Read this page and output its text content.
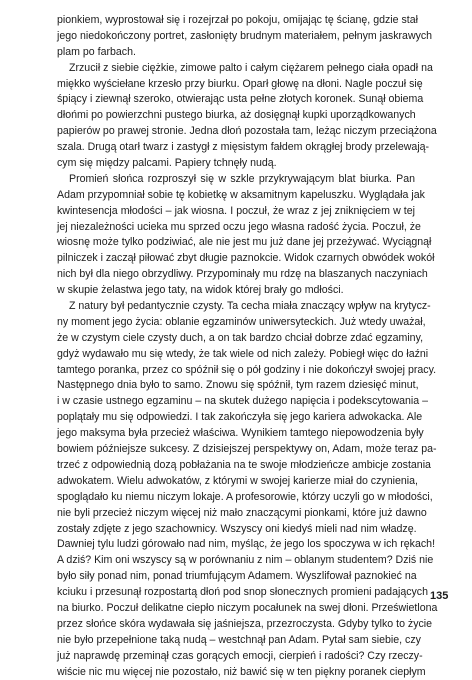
pionkiem, wyprostował się i rozejrzał po pokoju, omijając tę ścianę, gdzie stał
jego niedokończony portret, zasłonięty brudnym materiałem, pełnym jaskrawych
plam po farbach.
Zrzucił z siebie ciężkie, zimowe palto i całym ciężarem pełnego ciała opadł na
miękko wyściełane krzesło przy biurku. Oparł głowę na dłoni. Nagle poczuł się
śpiący i ziewnął szeroko, otwierając usta pełne złotych koronek. Sunął obiema
dłońmi po powierzchni pustego biurka, aż dosięgnął kupki uporządkowanych
papierów po prawej stronie. Jedna dłoń pozostała tam, leżąc niczym przeciążona
szala. Drugą otarł twarz i zastygł z mięsistym fałdem okrągłej brody przelewają-
cym się między palcami. Papiery tchnęły nudą.
Promień słońca rozproszył się w szkle przykrywającym blat biurka. Pan
Adam przypomniał sobie tę kobietkę w aksamitnym kapeluszku. Wyglądała jak
kwintesencja młodości – jak wiosna. I poczuł, że wraz z jej zniknięciem w tej
jej niezależności ucieka mu sprzed oczu jego własna radość życia. Poczuł, że
wiosnę może tylko podziwiać, ale nie jest mu już dane jej przeżywać. Wyciągnął
pilniczek i zaczął piłować zbyt długie paznokcie. Widok czarnych obwódek wokół
nich był dla niego obrzydliwy. Przypominały mu rdzę na blaszanych naczyniach
w skupie żelastwa jego taty, na widok której brały go mdłości.
Z natury był pedantycznie czysty. Ta cecha miała znaczący wpływ na krytycz-
ny moment jego życia: oblanie egzaminów uniwersyteckich. Już wtedy uważał,
że w czystym ciele czysty duch, a on tak bardzo chciał dobrze zdać egzaminy,
gdyż wydawało mu się wtedy, że tak wiele od nich zależy. Pobiegł więc do łaźni
tamtego poranka, przez co spóźnił się o pół godziny i nie dokończył swojej pracy.
Następnego dnia było to samo. Znowu się spóźnił, tym razem dziesięć minut,
i w czasie ustnego egzaminu – na skutek dużego napięcia i podekscytowania –
poplątały mu się odpowiedzi. I tak zakończyła się jego kariera adwokacka. Ale
jego maksyma była przecież właściwa. Wynikiem tamtego niepowodzenia były
bowiem późniejsze sukcesy. Z dzisiejszej perspektywy on, Adam, może teraz pa-
trzeć z odpowiednią dozą pobłażania na te swoje młodzieńcze ambicje zostania
adwokatem. Wielu adwokatów, z którymi w swojej karierze miał do czynienia,
spoglądało ku niemu niczym lokaje. A profesorowie, którzy uczyli go w młodości,
nie byli przecież niczym więcej niż mało znaczącymi pionkami, które już dawno
zostały zdjęte z jego szachownicy. Wszyscy oni kiedyś mieli nad nim władzę.
Dawniej tylu ludzi górowało nad nim, myśląc, że jego los spoczywa w ich rękach!
A dziś? Kim oni wszyscy są w porównaniu z nim – oblanym studentem? Dziś nie
było siły ponad nim, ponad triumfującym Adamem. Wyszlifował paznokieć na
kciuku i przesunął rozpostartą dłoń pod snop słonecznych promieni padających
na biurko. Poczuł delikatne ciepło niczym pocałunek na swej dłoni. Prześwietlona
przez słońce skóra wydawała się jaśniejsza, przezroczysta. Gdyby tylko to życie
nie było przepełnione taką nudą – westchnął pan Adam. Pytał sam siebie, czy
już naprawdę przeminął czas gorących emocji, cierpień i radości? Czy rzeczy-
wiście nic mu więcej nie pozostało, niż bawić się w ten piękny poranek ciepłym
135
